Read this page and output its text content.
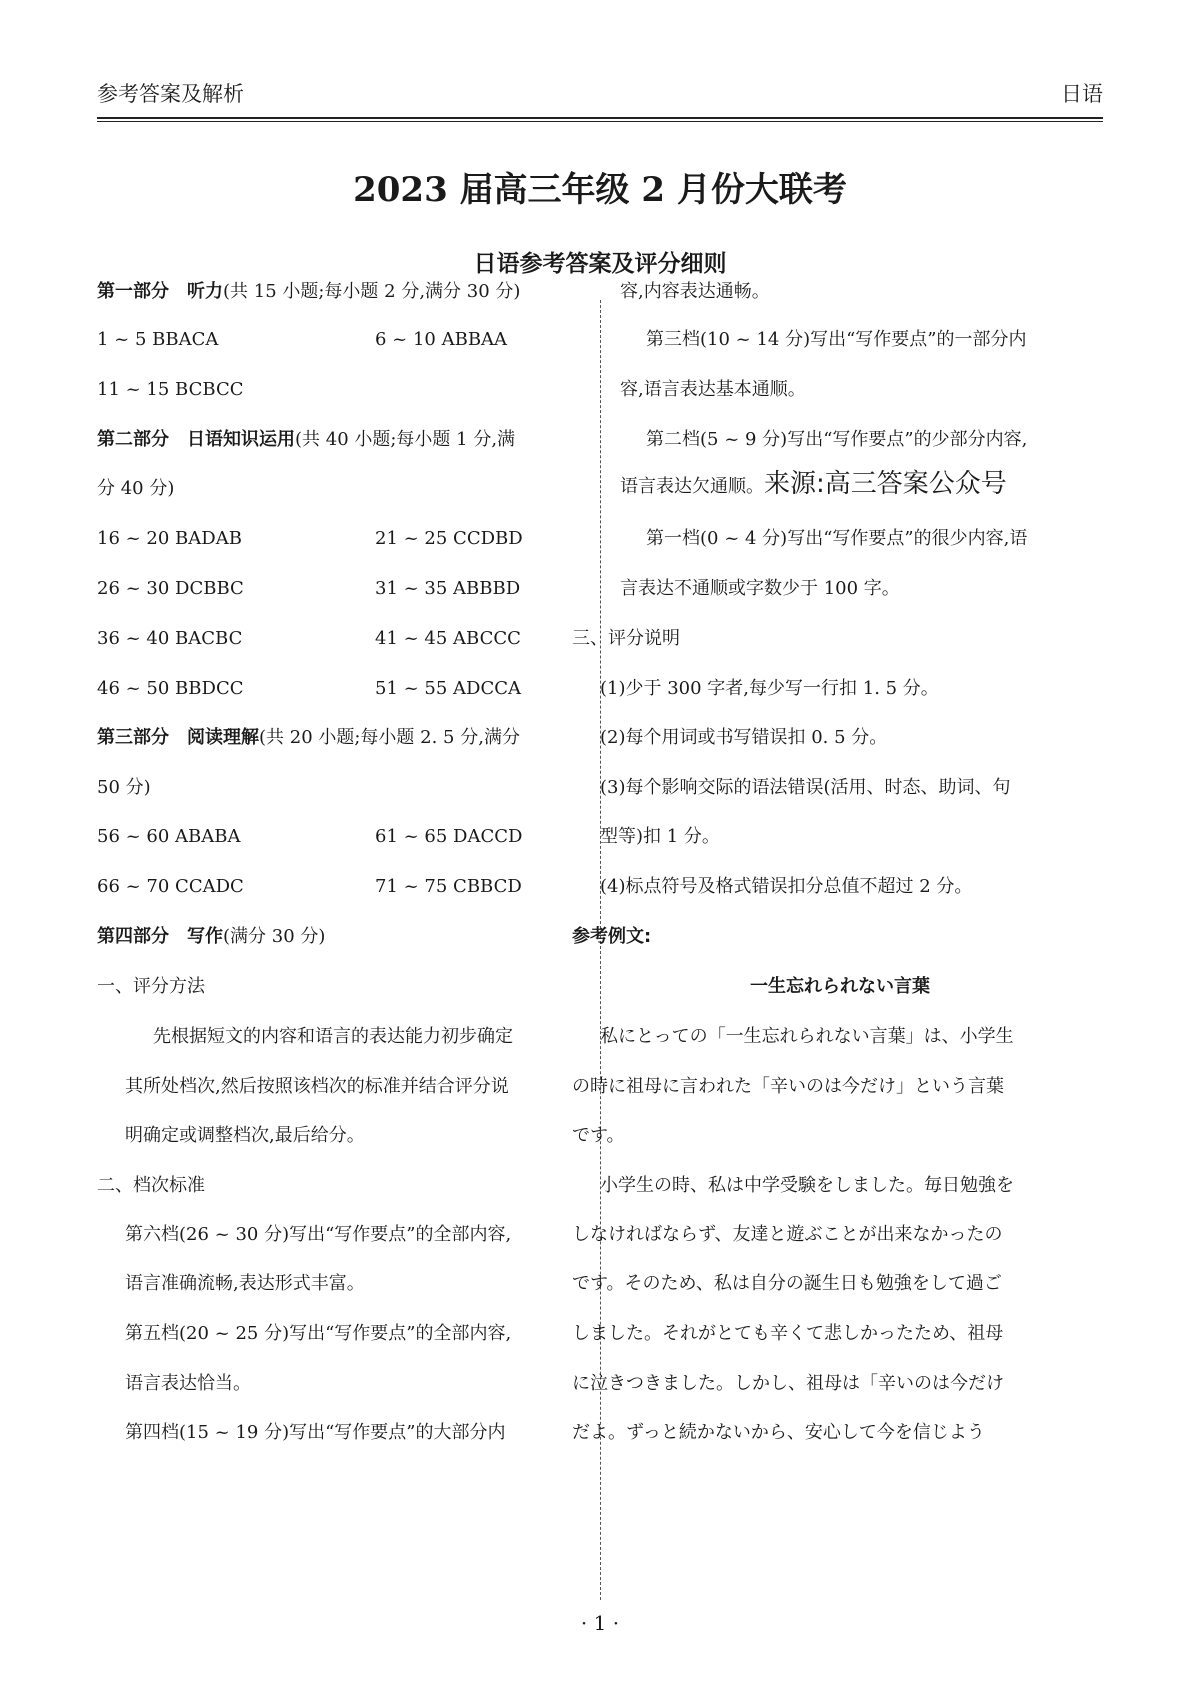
参考答案及解析	日语
2023 届高三年级 2 月份大联考
日语参考答案及评分细则
第一部分　听力(共 15 小题;每小题 2 分,满分 30 分)
1 ~ 5 BBACA	6 ~ 10 ABBAA
11 ~ 15 BCBCC
第二部分　日语知识运用(共 40 小题;每小题 1 分,满
分 40 分)
16 ~ 20 BADAB	21 ~ 25 CCDBD
26 ~ 30 DCBBC	31 ~ 35 ABBBD
36 ~ 40 BACBC	41 ~ 45 ABCCC
46 ~ 50 BBDCC	51 ~ 55 ADCCA
第三部分　阅读理解(共 20 小题;每小题 2. 5 分,满分
50 分)
56 ~ 60 ABABA	61 ~ 65 DACCD
66 ~ 70 CCADC	71 ~ 75 CBBCD
第四部分　写作(满分 30 分)
一、评分方法
先根据短文的内容和语言的表达能力初步确定
其所处档次,然后按照该档次的标准并结合评分说
明确定或调整档次,最后给分。
二、档次标准
第六档(26 ~ 30 分)写出“写作要点”的全部内容,
语言准确流畅,表达形式丰富。
第五档(20 ~ 25 分)写出“写作要点”的全部内容,
语言表达恰当。
第四档(15 ~ 19 分)写出“写作要点”的大部分内
容,内容表达通畅。
第三档(10 ~ 14 分)写出“写作要点”的一部分内
容,语言表达基本通顺。
第二档(5 ~ 9 分)写出“写作要点”的少部分内容,
语言表达欠通顺。来源:高三答案公众号
第一档(0 ~ 4 分)写出“写作要点”的很少内容,语
言表达不通顺或字数少于 100 字。
三、评分说明
(1)少于 300 字者,每少写一行扣 1. 5 分。
(2)每个用词或书写错误扣 0. 5 分。
(3)每个影响交际的语法错误(活用、时态、助词、句
型等)扣 1 分。
(4)标点符号及格式错误扣分总值不超过 2 分。
参考例文:
一生忘れられない言葉
私にとっての「一生忘れられない言葉」は、小学生
の時に祖母に言われた「辛いのは今だけ」という言葉
です。
小学生の時、私は中学受験をしました。毎日勉強を
しなければならず、友達と遊ぶことが出来なかったの
です。そのため、私は自分の誕生日も勉強をして過ご
しました。それがとても辛くて悲しかったため、祖母
に泣きつきました。しかし、祖母は「辛いのは今だけ
だよ。ずっと続かないから、安心して今を信じよう
· 1 ·
